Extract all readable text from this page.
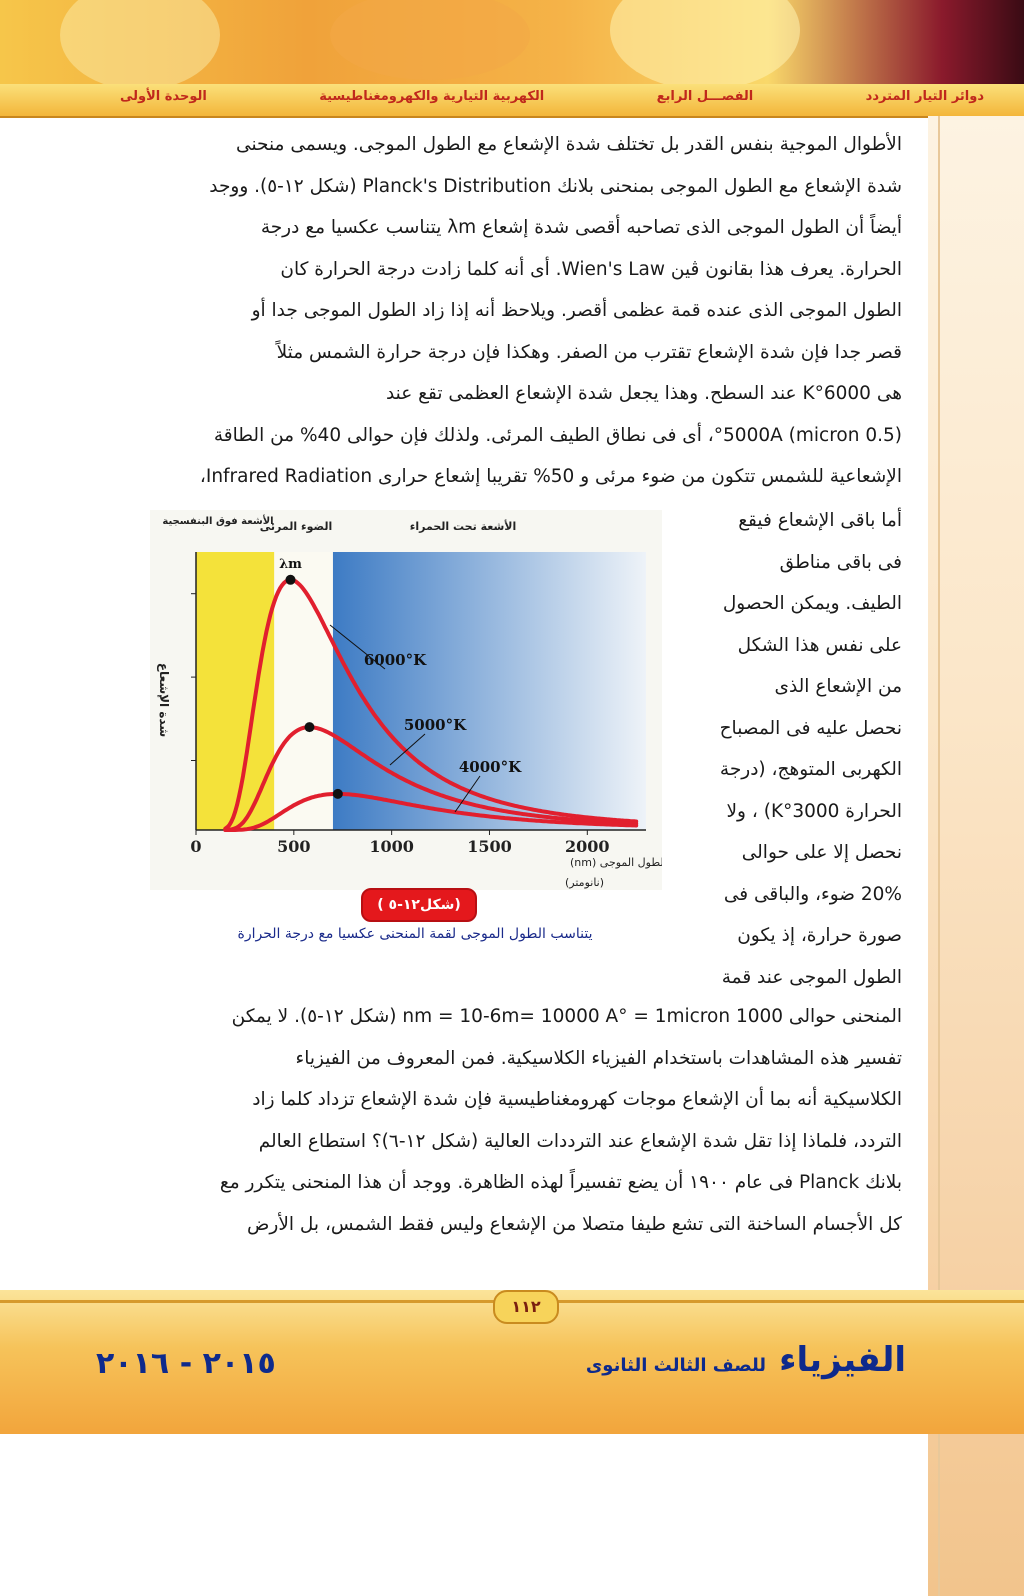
الوحدة الأولى	الكهربية التيارية والكهرومغناطيسية	الفصـــل الرابع	دوائر التيار المتردد

الأطوال الموجية بنفس القدر بل تختلف شدة الإشعاع مع الطول الموجى. ويسمى منحنى

شدة الإشعاع مع الطول الموجى بمنحنى بلانك Planck's Distribution (شكل ١٢-٥). ووجد

أيضاً أن الطول الموجى الذى تصاحبه أقصى شدة إشعاع λm يتناسب عكسيا مع درجة

الحرارة. يعرف هذا بقانون ڤين Wien's Law. أى أنه كلما زادت درجة الحرارة كان

الطول الموجى الذى عنده قمة عظمى أقصر. ويلاحظ أنه إذا زاد الطول الموجى جدا أو

قصر جدا فإن شدة الإشعاع تقترب من الصفر. وهكذا فإن درجة حرارة الشمس مثلاً

هى 6000°K عند السطح. وهذا يجعل شدة الإشعاع العظمى تقع عند

(0.5 micron) 5000A°، أى فى نطاق الطيف المرئى. ولذلك فإن حوالى 40% من الطاقة

الإشعاعية للشمس تتكون من ضوء مرئى و 50% تقريبا إشعاع حرارى Infrared Radiation،

أما باقى الإشعاع فيقع
فى باقى مناطق
الطيف. ويمكن الحصول
على نفس هذا الشكل
من الإشعاع الذى
نحصل عليه فى المصباح
الكهربى المتوهج، (درجة
الحرارة 3000°K) ، ولا
نحصل إلا على حوالى
20% ضوء، والباقى فى
صورة حرارة، إذ يكون
الطول الموجى عند قمة
0	500	1000	1500	2000
6000°K
5000°K
4000°K
λm
الضوء المرئى	الأشعة تحت الحمراء
الأشعة فوق البنفسجية
شدة الإشعاع
الطول الموجى (nm)
(نانومتر)
(شكل١٢-٥ )
يتناسب الطول الموجى لقمة المنحنى عكسيا مع درجة الحرارة

المنحنى حوالى 1000 nm = 10-6m= 10000 A° = 1micron (شكل ١٢-٥). لا يمكن

تفسير هذه المشاهدات باستخدام الفيزياء الكلاسيكية. فمن المعروف من الفيزياء

الكلاسيكية أنه بما أن الإشعاع موجات كهرومغناطيسية فإن شدة الإشعاع تزداد كلما زاد

التردد، فلماذا إذا تقل شدة الإشعاع عند الترددات العالية (شكل ١٢-٦)؟ استطاع العالم

بلانك Planck فى عام ١٩٠٠ أن يضع تفسيراً لهذه الظاهرة. ووجد أن هذا المنحنى يتكرر مع

كل الأجسام الساخنة التى تشع طيفا متصلا من الإشعاع وليس فقط الشمس، بل الأرض

١١٢
الفيزياء للصف الثالث الثانوى
٢٠١٥ - ٢٠١٦
